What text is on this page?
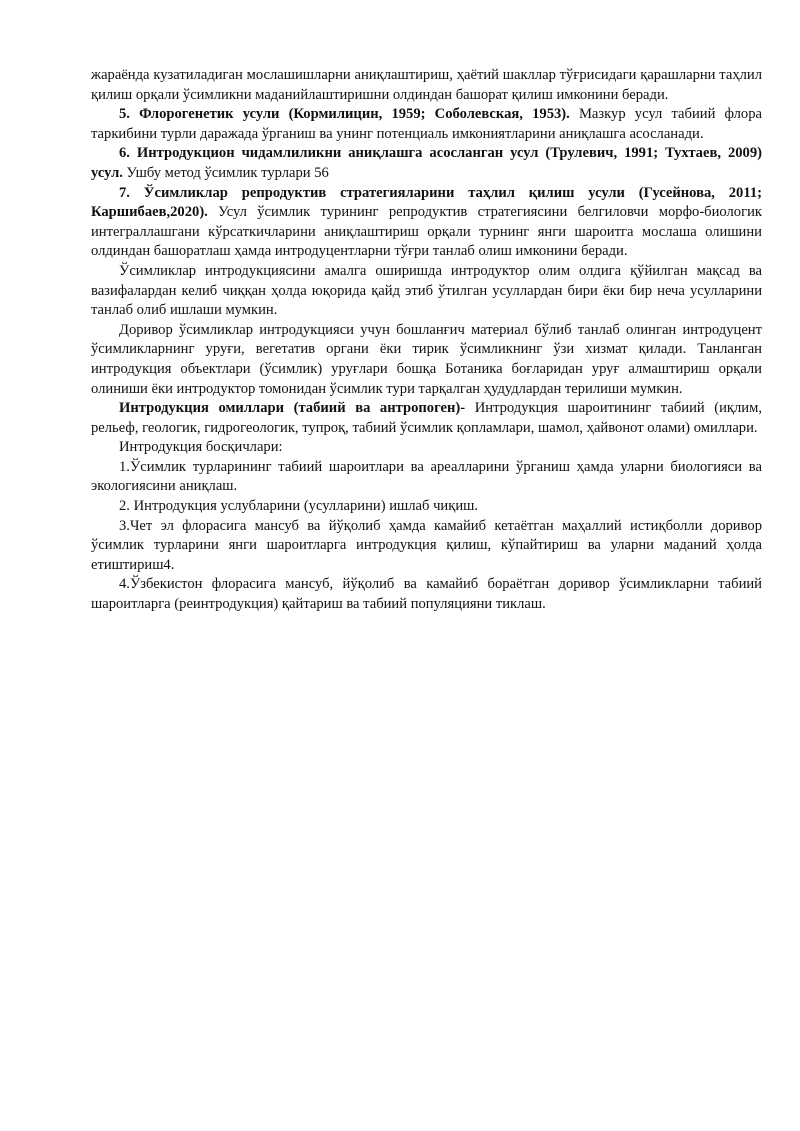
жараёнда кузатиладиган мослашишларни аниқлаштириш, ҳаётий шакллар тўғрисидаги қарашларни таҳлил қилиш орқали ўсимликни маданийлаштиришни олдиндан башорат қилиш имконини беради.

5. Флорогенетик усули (Кормилицин, 1959; Соболевская, 1953). Мазкур усул табиий флора таркибини турли даражада ўрганиш ва унинг потенциаль имкониятларини аниқлашга асосланади.

6. Интродукцион чидамлиликни аниқлашга асосланган усул (Трулевич, 1991; Тухтаев, 2009) усул. Ушбу метод ўсимлик турлари 56

7. Ўсимликлар репродуктив стратегияларини таҳлил қилиш усули (Гусейнова, 2011; Каршибаев,2020). Усул ўсимлик турининг репродуктив стратегиясини белгиловчи морфо-биологик интеграллашгани кўрсаткичларини аниқлаштириш орқали турнинг янги шароитга мослаша олишини олдиндан башоратлаш ҳамда интродуцентларни тўғри танлаб олиш имконини беради.

Ўсимликлар интродукциясини амалга оширишда интродуктор олим олдига қўйилган мақсад ва вазифалардан келиб чиққан ҳолда юқорида қайд этиб ўтилган усуллардан бири ёки бир неча усулларини танлаб олиб ишлаши мумкин.

Доривор ўсимликлар интродукцияси учун бошланғич материал бўлиб танлаб олинган интродуцент ўсимликларнинг уруғи, вегетатив органи ёки тирик ўсимликнинг ўзи хизмат қилади. Танланган интродукция объектлари (ўсимлик) уруғлари бошқа Ботаника боғларидан уруғ алмаштириш орқали олиниши ёки интродуктор томонидан ўсимлик тури тарқалган ҳудудлардан терилиши мумкин.

Интродукция омиллари (табиий ва антропоген)- Интродукция шароитининг табиий (иқлим, рельеф, геологик, гидрогеологик, тупроқ, табиий ўсимлик қопламлари, шамол, ҳайвонот олами) омиллари.

Интродукция босқичлари:

1.Ўсимлик турларининг табиий шароитлари ва ареалларини ўрганиш ҳамда уларни биологияси ва экологиясини аниқлаш.

2. Интродукция услубларини (усулларини) ишлаб чиқиш.

3.Чет эл флорасига мансуб ва йўқолиб ҳамда камайиб кетаётган маҳаллий истиқболли доривор ўсимлик турларини янги шароитларга интродукция қилиш, кўпайтириш ва уларни маданий ҳолда етиштириш4.

4.Ўзбекистон флорасига мансуб, йўқолиб ва камайиб бораётган доривор ўсимликларни табиий шароитларга (реинтродукция) қайтариш ва табиий популяцияни тиклаш.
